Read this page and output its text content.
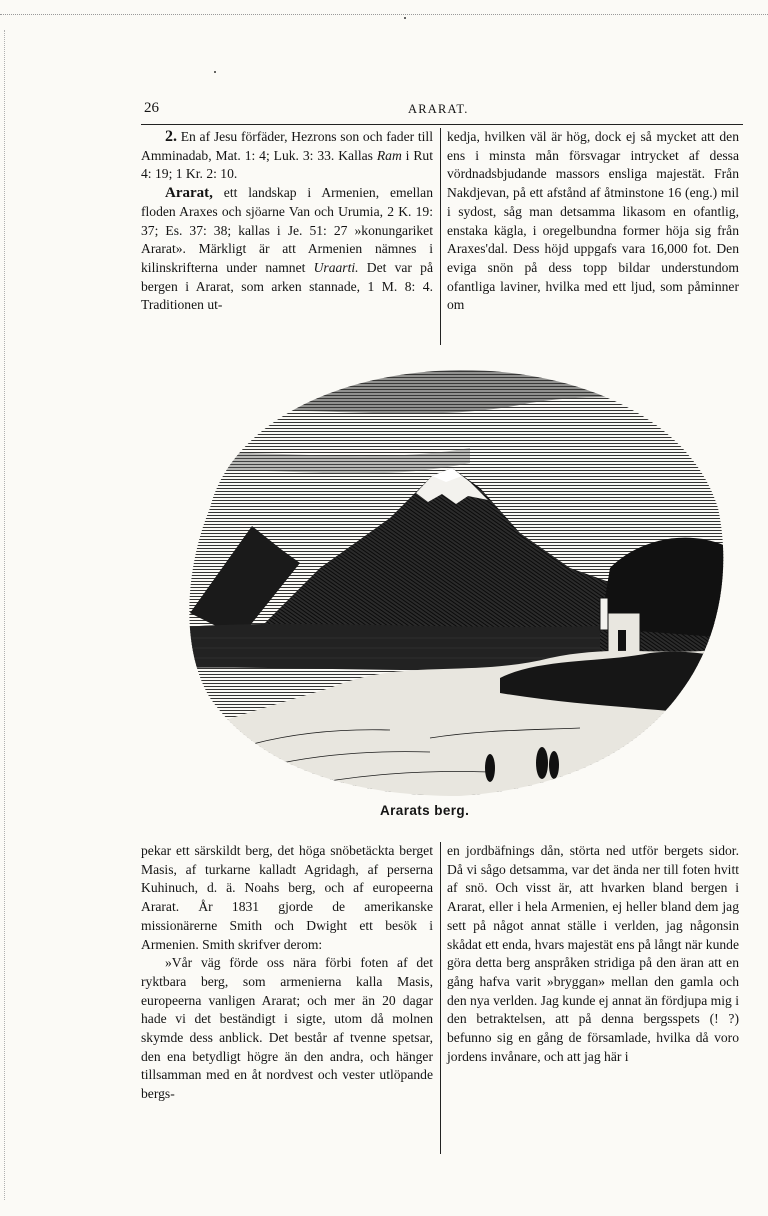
26	ARARAT.

2. En af Jesu förfäder, Hezrons son och fader till Amminadab, Mat. 1: 4; Luk. 3: 33. Kallas Ram i Rut 4: 19; 1 Kr. 2: 10.

Ararat, ett landskap i Armenien, emellan floden Araxes och sjöarne Van och Urumia, 2 K. 19: 37; Es. 37: 38; kallas i Je. 51: 27 »konungariket Ararat». Märkligt är att Armenien nämnes i kilinskrifterna under namnet Uraarti. Det var på bergen i Ararat, som arken stannade, 1 M. 8: 4. Traditionen ut-

kedja, hvilken väl är hög, dock ej så mycket att den ens i minsta mån försvagar intrycket af dessa vördnadsbjudande massors ensliga majestät. Från Nakdjevan, på ett afstånd af åtminstone 16 (eng.) mil i sydost, såg man detsamma likasom en ofantlig, enstaka kägla, i oregelbundna former höja sig från Araxes'dal. Dess höjd uppgafs vara 16,000 fot. Den eviga snön på dess topp bildar understundom ofantliga laviner, hvilka med ett ljud, som påminner om

Ararats berg.

pekar ett särskildt berg, det höga snöbetäckta berget Masis, af turkarne kalladt Agridagh, af perserna Kuhinuch, d. ä. Noahs berg, och af europeerna Ararat. År 1831 gjorde de amerikanske missionärerne Smith och Dwight ett besök i Armenien. Smith skrifver derom:

»Vår väg förde oss nära förbi foten af det ryktbara berg, som armenierna kalla Masis, europeerna vanligen Ararat; och mer än 20 dagar hade vi det beständigt i sigte, utom då molnen skymde dess anblick. Det består af tvenne spetsar, den ena betydligt högre än den andra, och hänger tillsamman med en åt nordvest och vester utlöpande bergs-

en jordbäfnings dån, störta ned utför bergets sidor. Då vi sågo detsamma, var det ända ner till foten hvitt af snö. Och visst är, att hvarken bland bergen i Ararat, eller i hela Armenien, ej heller bland dem jag sett på något annat ställe i verlden, jag någonsin skådat ett enda, hvars majestät ens på långt när kunde göra detta berg anspråken stridiga på den äran att en gång hafva varit »bryggan» mellan den gamla och den nya verlden. Jag kunde ej annat än fördjupa mig i den betraktelsen, att på denna bergsspets (! ?) befunno sig en gång de församlade, hvilka då voro jordens invånare, och att jag här i
